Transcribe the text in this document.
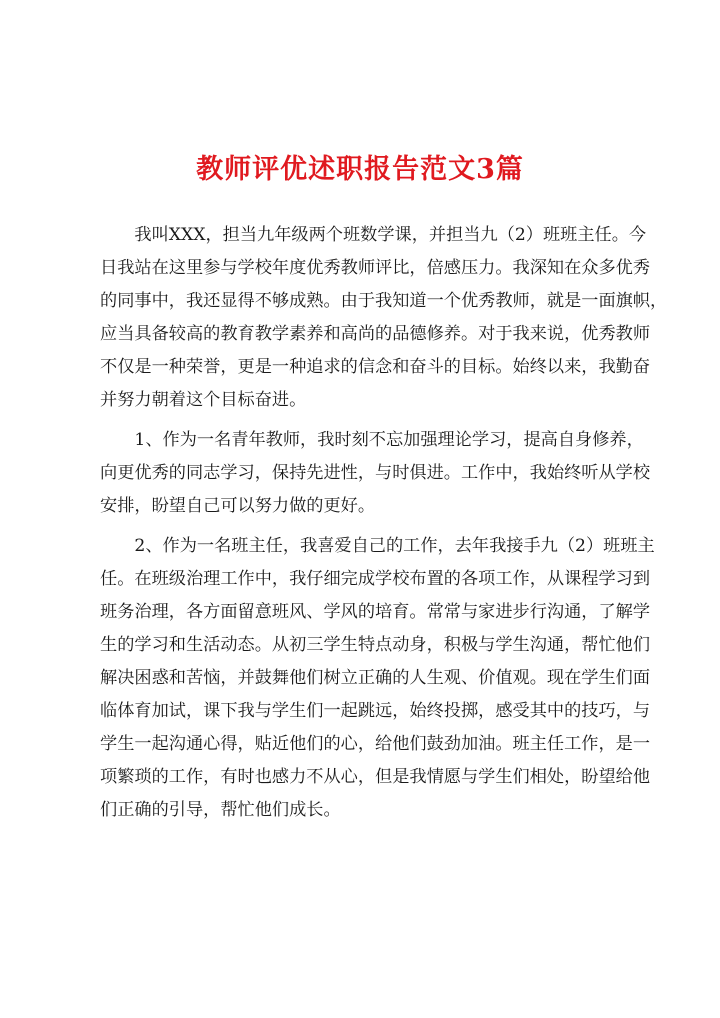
教师评优述职报告范文3篇
我叫XXX，担当九年级两个班数学课，并担当九（2）班班主任。今
日我站在这里参与学校年度优秀教师评比，倍感压力。我深知在众多优秀
的同事中，我还显得不够成熟。由于我知道一个优秀教师，就是一面旗帜，
应当具备较高的教育教学素养和高尚的品德修养。对于我来说，优秀教师
不仅是一种荣誉，更是一种追求的信念和奋斗的目标。始终以来，我勤奋
并努力朝着这个目标奋进。
1、作为一名青年教师，我时刻不忘加强理论学习，提高自身修养，
向更优秀的同志学习，保持先进性，与时俱进。工作中，我始终听从学校
安排，盼望自己可以努力做的更好。
2、作为一名班主任，我喜爱自己的工作，去年我接手九（2）班班主
任。在班级治理工作中，我仔细完成学校布置的各项工作，从课程学习到
班务治理，各方面留意班风、学风的培育。常常与家进步行沟通，了解学
生的学习和生活动态。从初三学生特点动身，积极与学生沟通，帮忙他们
解决困惑和苦恼，并鼓舞他们树立正确的人生观、价值观。现在学生们面
临体育加试，课下我与学生们一起跳远，始终投掷，感受其中的技巧，与
学生一起沟通心得，贴近他们的心，给他们鼓劲加油。班主任工作，是一
项繁琐的工作，有时也感力不从心，但是我情愿与学生们相处，盼望给他
们正确的引导，帮忙他们成长。
